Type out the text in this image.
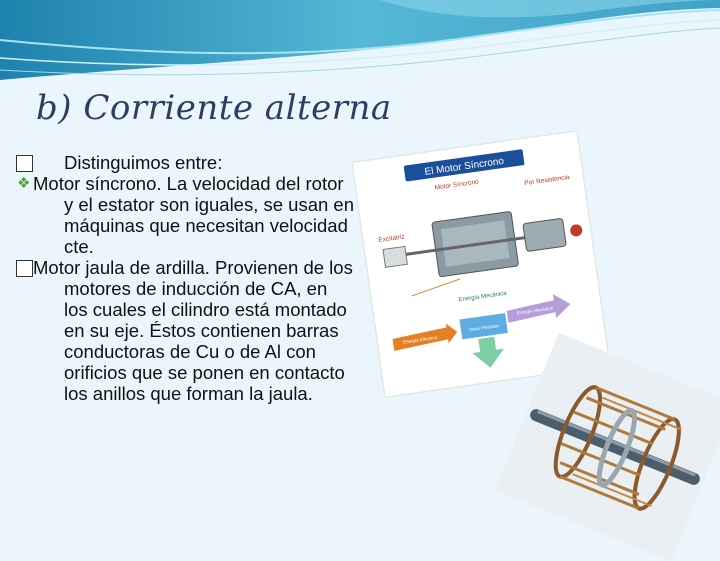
b) Corriente alterna

Distinguimos entre:

❖ Motor síncrono. La velocidad del rotor y el estator son iguales, se usan en máquinas que necesitan velocidad cte.

Motor jaula de ardilla. Provienen de los motores de inducción de CA, en los cuales el cilindro está montado en su eje. Éstos contienen barras conductoras de Cu o de Al con orificios que se ponen en contacto los anillos que forman la jaula.

El Motor Síncrono
Motor Síncrono	Por Resistencia
Excitatriz
Energía Mecánica
Energía Eléctrica
Otras Pérdidas
Energía Mecánica
